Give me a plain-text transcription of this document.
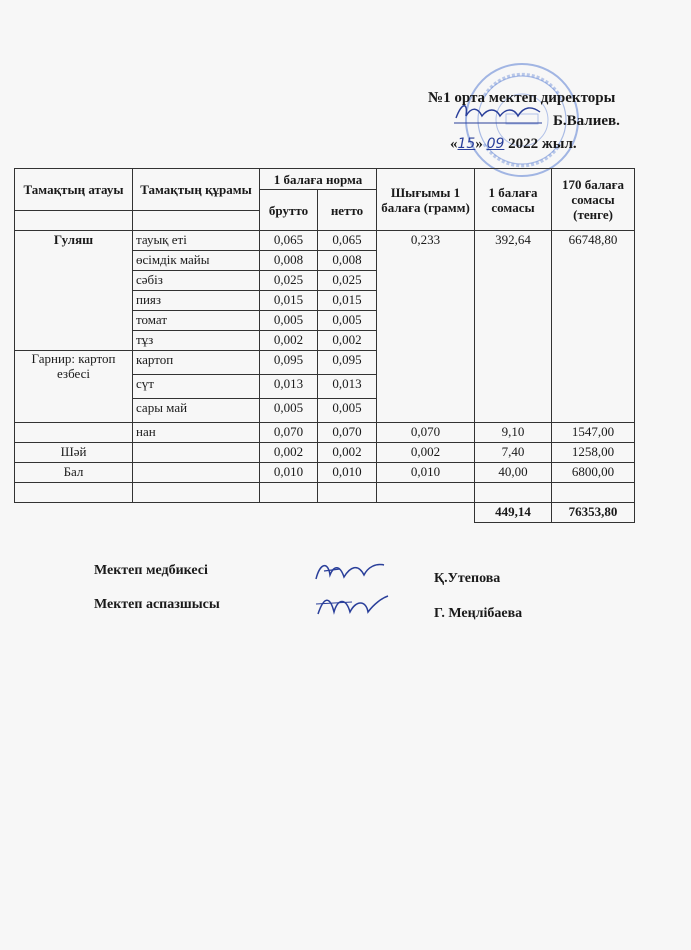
№1 орта мектеп директоры
Б.Валиев.
«15» 09 2022 жыл.
Тамақтың атауы	Тамақтың құрамы	1 балаға норма		Шығымы 1 балаға (грамм)	1 балаға сомасы	170 балаға сомасы (тенге)
		брутто	нетто			

Гуляш	тауық еті	0,065	0,065	0,233	392,64	66748,80
	өсімдік майы	0,008	0,008			
	сәбіз	0,025	0,025			
	пияз	0,015	0,015			
	томат	0,005	0,005			
	тұз	0,002	0,002			
Гарнир: картоп езбесі	картоп	0,095	0,095			
	сүт	0,013	0,013			
	сары май	0,005	0,005			
	нан	0,070	0,070	0,070	9,10	1547,00
Шәй		0,002	0,002	0,002	7,40	1258,00
Бал		0,010	0,010	0,010	40,00	6800,00

					449,14	76353,80
Мектеп медбикесі
Қ.Утепова
Мектеп аспазшысы
Г. Меңлібаева
